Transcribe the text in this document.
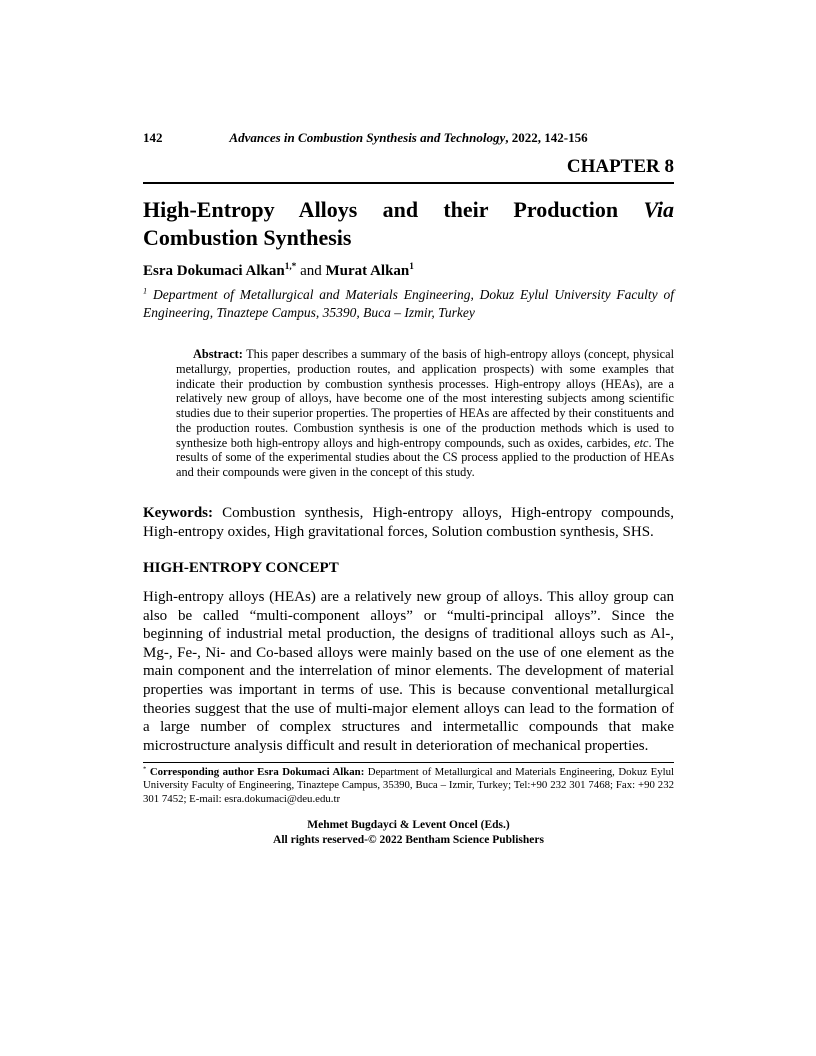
142	Advances in Combustion Synthesis and Technology, 2022, 142-156
CHAPTER 8
High-Entropy Alloys and their Production Via
Combustion Synthesis
Esra Dokumaci Alkan$^{1,*}$ and Murat Alkan$^1$
$^1$ Department of Metallurgical and Materials Engineering, Dokuz Eylul University Faculty of Engineering, Tinaztepe Campus, 35390, Buca – Izmir, Turkey
Abstract: This paper describes a summary of the basis of high-entropy alloys (concept, physical metallurgy, properties, production routes, and application prospects) with some examples that indicate their production by combustion synthesis processes. High-entropy alloys (HEAs), are a relatively new group of alloys, have become one of the most interesting subjects among scientific studies due to their superior properties. The properties of HEAs are affected by their constituents and the production routes. Combustion synthesis is one of the production methods which is used to synthesize both high-entropy alloys and high-entropy compounds, such as oxides, carbides, etc. The results of some of the experimental studies about the CS process applied to the production of HEAs and their compounds were given in the concept of this study.
Keywords: Combustion synthesis, High-entropy alloys, High-entropy compounds, High-entropy oxides, High gravitational forces, Solution combustion synthesis, SHS.
HIGH-ENTROPY CONCEPT
High-entropy alloys (HEAs) are a relatively new group of alloys. This alloy group can also be called “multi-component alloys” or “multi-principal alloys”. Since the beginning of industrial metal production, the designs of traditional alloys such as Al-, Mg-, Fe-, Ni- and Co-based alloys were mainly based on the use of one element as the main component and the interrelation of minor elements. The development of material properties was important in terms of use. This is because conventional metallurgical theories suggest that the use of multi-major element alloys can lead to the formation of a large number of complex structures and intermetallic compounds that make microstructure analysis difficult and result in deterioration of mechanical properties.
* Corresponding author Esra Dokumaci Alkan: Department of Metallurgical and Materials Engineering, Dokuz Eylul University Faculty of Engineering, Tinaztepe Campus, 35390, Buca – Izmir, Turkey; Tel:+90 232 301 7468; Fax: +90 232 301 7452; E-mail: esra.dokumaci@deu.edu.tr
Mehmet Bugdayci & Levent Oncel (Eds.)
All rights reserved-© 2022 Bentham Science Publishers
